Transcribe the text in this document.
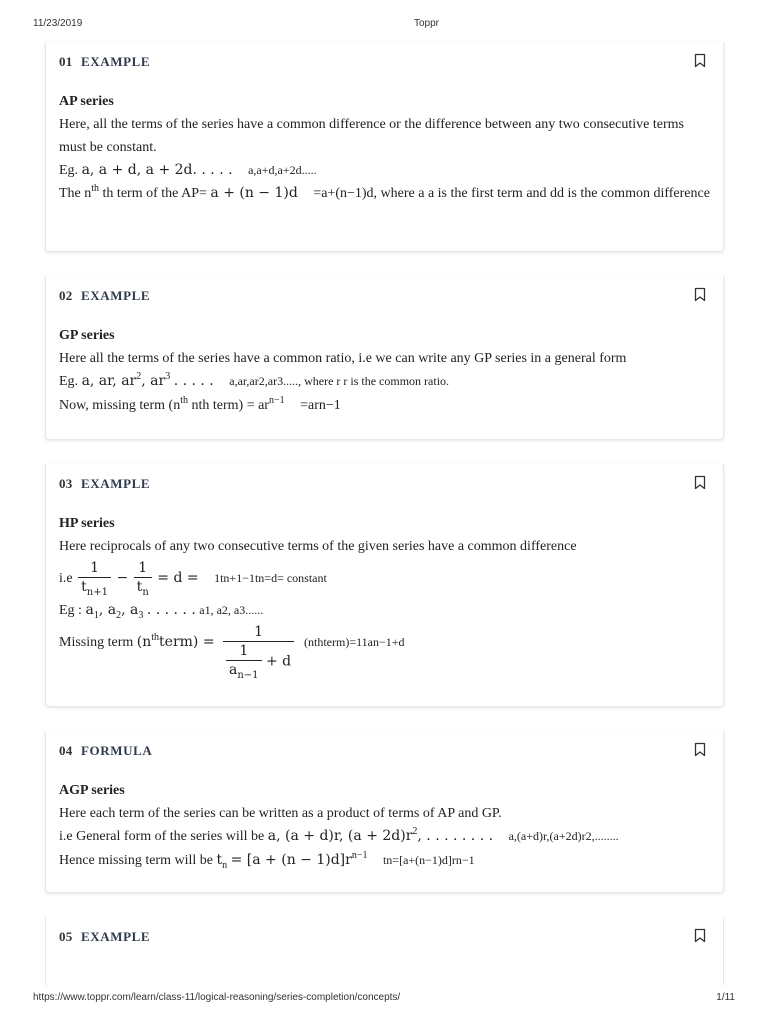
11/23/2019	Toppr
01 EXAMPLE
AP series
Here, all the terms of the series have a common difference or the difference between any two consecutive terms must be constant.
Eg. a, a + d, a + 2d. . . . . a,a+d,a+2d.....
The $n^{th}$ th term of the AP= a + (n − 1)d =a+(n−1)d, where a a is the first term and dd is the common difference
02 EXAMPLE
GP series
Here all the terms of the series have a common ratio, i.e we can write any GP series in a general form
Eg. a, ar, $ar^2$, $ar^3$ . . . . . a,ar,ar2,ar3....., where r r is the common ratio.
Now, missing term ($n^{th}$ nth term) = $ar^{n-1} =arn-1$
03 EXAMPLE
HP series
Here reciprocals of any two consecutive terms of the given series have a common difference
$i.e \frac{1}{t_{n+1}} - \frac{1}{t_n} = d = 1tn+1-1tn=d=$ constant
Eg : $a_1$, $a_2$, $a_3$ . . . . . . a1, a2, a3......
Missing term $(n^{th}term) = \frac{1}{\frac{1}{a_{n-1}} + d}$ (nthterm)=11an−1+d
04 FORMULA
AGP series
Here each term of the series can be written as a product of terms of AP and GP.
i.e General form of the series will be a, (a + d)r, $(a + 2d)r^2$, . . . . . . . . a,(a+d)r,(a+2d)r2,........
Hence missing term will be $t_n = [a + (n - 1)d]r^{n-1}$ tn=[a+(n−1)d]rn−1
05 EXAMPLE
https://www.toppr.com/learn/class-11/logical-reasoning/series-completion/concepts/	1/11
